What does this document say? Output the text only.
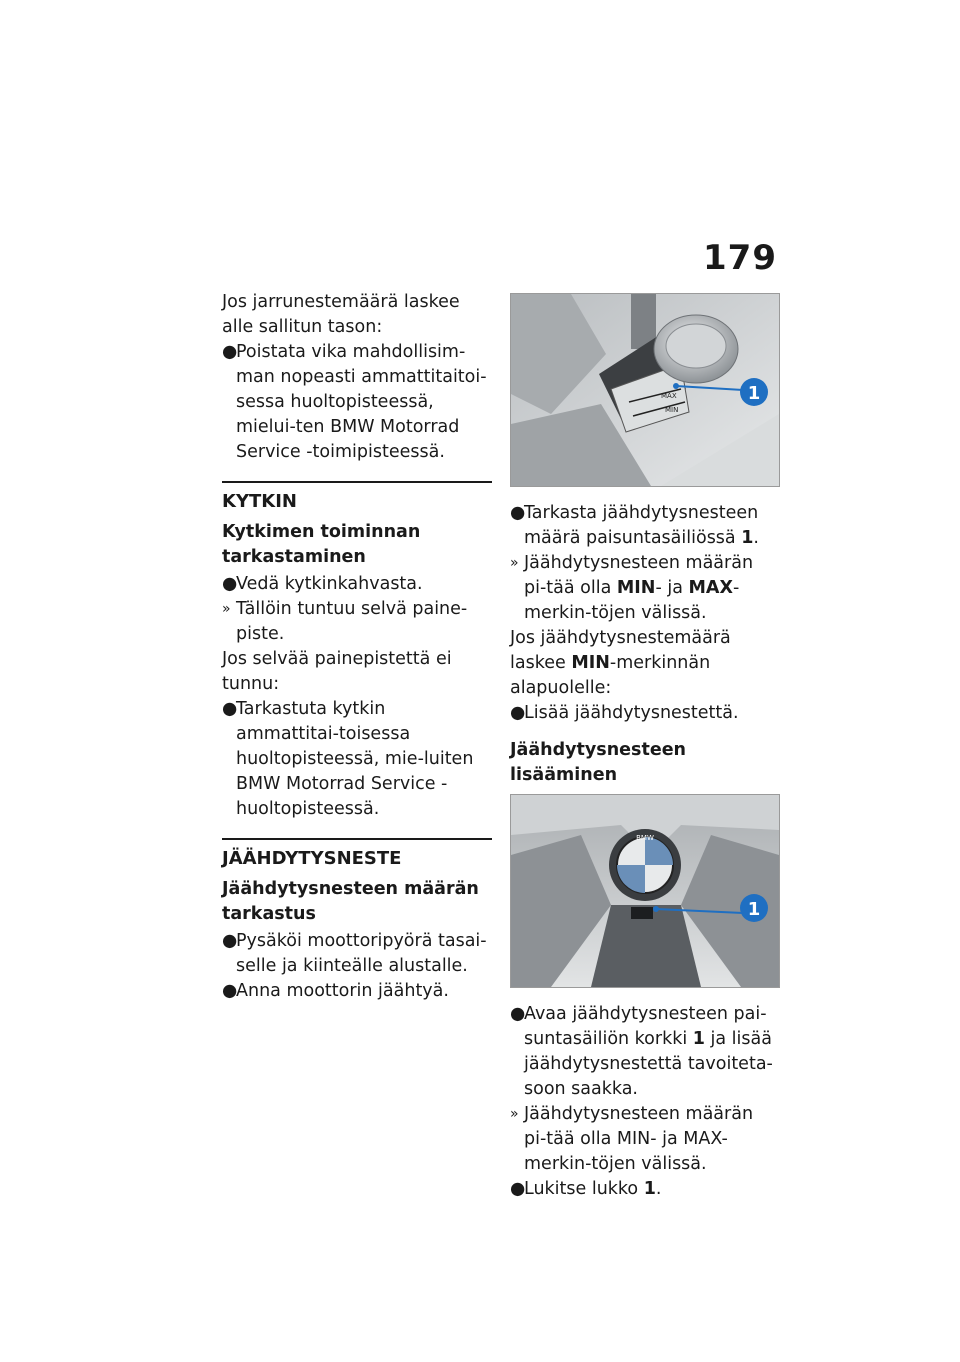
179

Jos jarrunestemäärä laskee alle sallitun tason:

●
Poistata vika mahdollisim-man nopeasti ammattitaitoi-sessa huoltopisteessä, mielui-ten BMW Motorrad Service -toimipisteessä.

KYTKIN

Kytkimen toiminnan tarkastaminen

●
Vedä kytkinkahvasta.
» Tällöin tuntuu selvä paine-piste.

Jos selvää painepistettä ei tunnu:

●
Tarkastuta kytkin ammattitai-toisessa huoltopisteessä, mie-luiten BMW Motorrad Service -huoltopisteessä.

JÄÄHDYTYSNESTE

Jäähdytysnesteen määrän tarkastus

●
Pysäköi moottoripyörä tasai-selle ja kiinteälle alustalle.
●
Anna moottorin jäähtyä.
MAX
MIN
1
●
Tarkasta jäähdytysnesteen määrä paisuntasäiliössä 1.
» Jäähdytysnesteen määrän pi-tää olla MIN- ja MAX-merkin-töjen välissä.

Jos jäähdytysnestemäärä laskee MIN-merkinnän alapuolelle:

●
Lisää jäähdytysnestettä.

Jäähdytysnesteen lisääminen

BMW
1
●
Avaa jäähdytysnesteen pai-suntasäiliön korkki 1 ja lisää jäähdytysnestettä tavoiteta-soon saakka.
» Jäähdytysnesteen määrän pi-tää olla MIN- ja MAX-merkin-töjen välissä.
●
Lukitse lukko 1.
